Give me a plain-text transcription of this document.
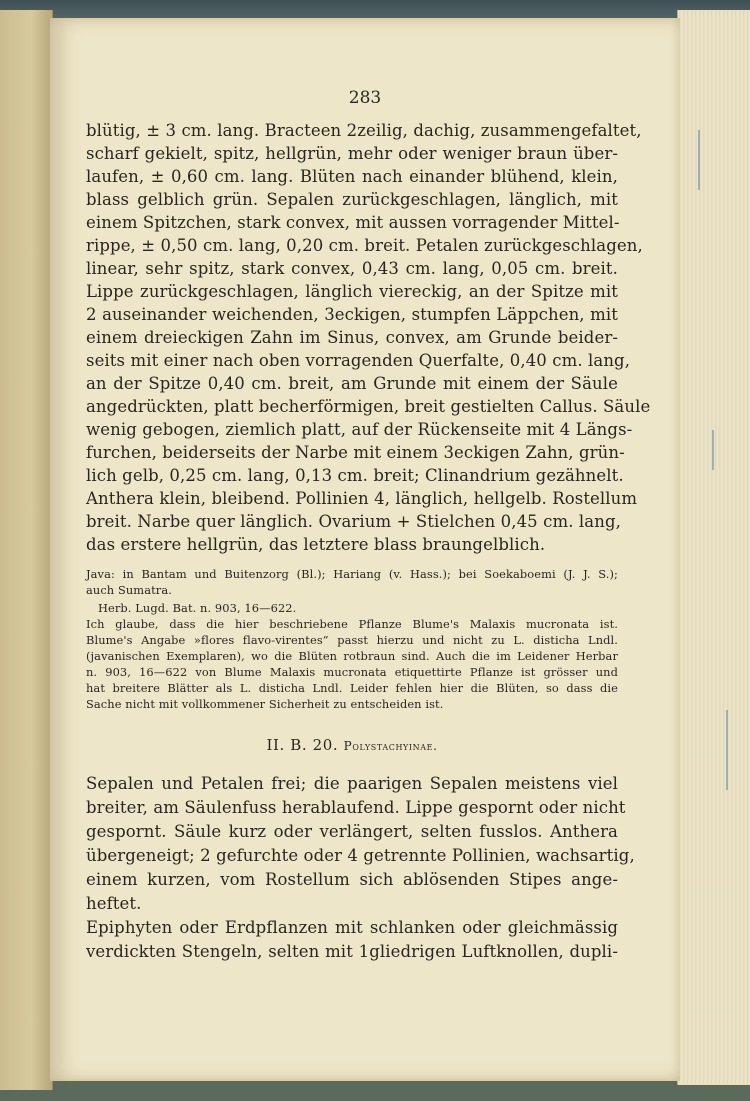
283
blütig, ± 3 cm. lang. Bracteen 2zeilig, dachig, zusammengefaltet,
scharf gekielt, spitz, hellgrün, mehr oder weniger braun über-
laufen, ± 0,60 cm. lang. Blüten nach einander blühend, klein,
blass gelblich grün. Sepalen zurückgeschlagen, länglich, mit
einem Spitzchen, stark convex, mit aussen vorragender Mittel-
rippe, ± 0,50 cm. lang, 0,20 cm. breit. Petalen zurückgeschlagen,
linear, sehr spitz, stark convex, 0,43 cm. lang, 0,05 cm. breit.
Lippe zurückgeschlagen, länglich viereckig, an der Spitze mit
2 auseinander weichenden, 3eckigen, stumpfen Läppchen, mit
einem dreieckigen Zahn im Sinus, convex, am Grunde beider-
seits mit einer nach oben vorragenden Querfalte, 0,40 cm. lang,
an der Spitze 0,40 cm. breit, am Grunde mit einem der Säule
angedrückten, platt becherförmigen, breit gestielten Callus. Säule
wenig gebogen, ziemlich platt, auf der Rückenseite mit 4 Längs-
furchen, beiderseits der Narbe mit einem 3eckigen Zahn, grün-
lich gelb, 0,25 cm. lang, 0,13 cm. breit; Clinandrium gezähnelt.
Anthera klein, bleibend. Pollinien 4, länglich, hellgelb. Rostellum
breit. Narbe quer länglich. Ovarium + Stielchen 0,45 cm. lang,
das erstere hellgrün, das letztere blass braungelblich.
Java: in Bantam und Buitenzorg (Bl.); Hariang (v. Hass.); bei Soekaboemi (J. J. S.);
auch Sumatra.
Herb. Lugd. Bat. n. 903, 16—622.
Ich glaube, dass die hier beschriebene Pflanze Blume's Malaxis mucronata ist.
Blume's Angabe »flores flavo-virentes” passt hierzu und nicht zu L. disticha Lndl.
(javanischen Exemplaren), wo die Blüten rotbraun sind. Auch die im Leidener Herbar
n. 903, 16—622 von Blume Malaxis mucronata etiquettirte Pflanze ist grösser und
hat breitere Blätter als L. disticha Lndl. Leider fehlen hier die Blüten, so dass die
Sache nicht mit vollkommener Sicherheit zu entscheiden ist.
II. B. 20. Polystachyinae.
Sepalen und Petalen frei; die paarigen Sepalen meistens viel
breiter, am Säulenfuss herablaufend. Lippe gespornt oder nicht
gespornt. Säule kurz oder verlängert, selten fusslos. Anthera
übergeneigt; 2 gefurchte oder 4 getrennte Pollinien, wachsartig,
einem kurzen, vom Rostellum sich ablösenden Stipes ange-
heftet.
Epiphyten oder Erdpflanzen mit schlanken oder gleichmässig
verdickten Stengeln, selten mit 1gliedrigen Luftknollen, dupli-
